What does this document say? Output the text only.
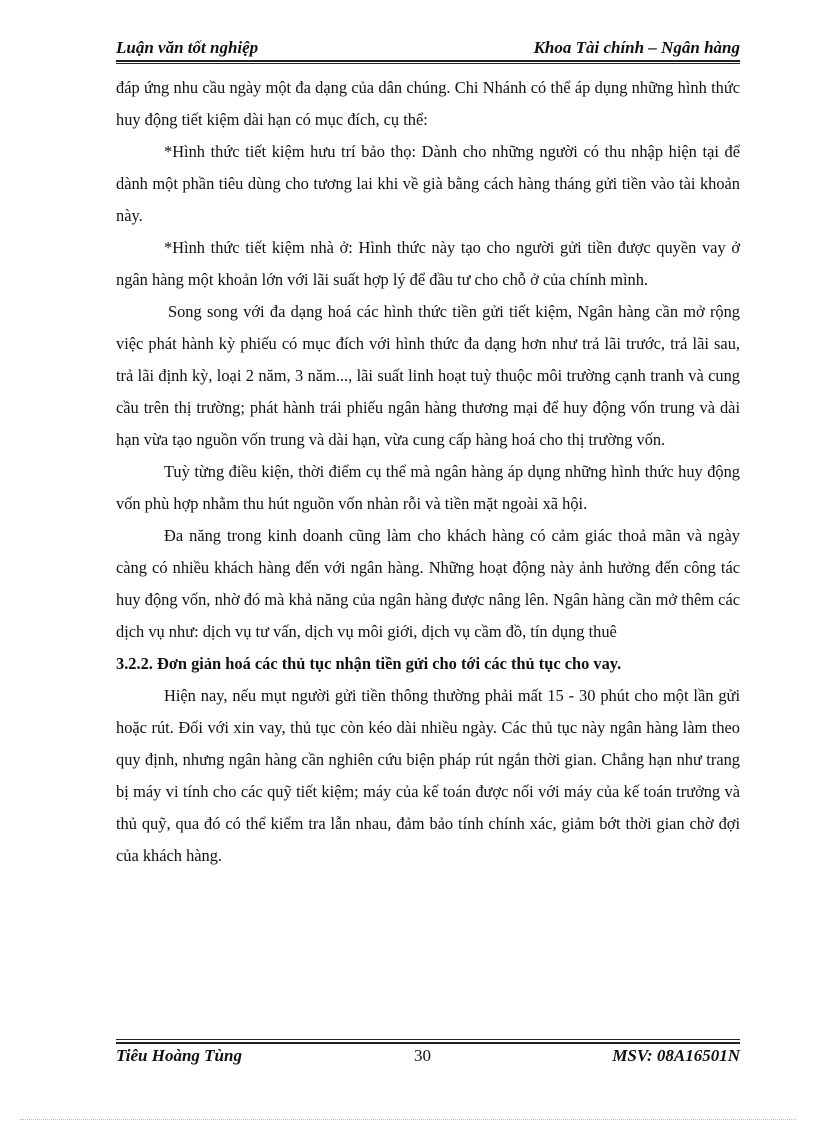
Luận văn tốt nghiệp	Khoa Tài chính – Ngân hàng

đáp ứng nhu cầu ngày một đa dạng của dân chúng. Chi Nhánh có thể áp dụng những hình thức huy động tiết kiệm dài hạn có mục đích, cụ thể:

*Hình thức tiết kiệm hưu trí bảo thọ: Dành cho những người có thu nhập hiện tại để dành một phần tiêu dùng cho tương lai khi về già bằng cách hàng tháng gửi tiền vào tài khoản này.

*Hình thức tiết kiệm nhà ở: Hình thức này tạo cho người gửi tiền được quyền vay ở ngân hàng một khoản lớn với lãi suất hợp lý để đầu tư cho chỗ ở của chính mình.

Song song với đa dạng hoá các hình thức tiền gửi tiết kiệm, Ngân hàng cần mở rộng việc phát hành kỳ phiếu có mục đích với hình thức đa dạng hơn như trả lãi trước, trả lãi sau, trả lãi định kỳ, loại 2 năm, 3 năm..., lãi suất linh hoạt tuỳ thuộc môi trường cạnh tranh và cung cầu trên thị trường; phát hành trái phiếu ngân hàng thương mại để huy động vốn trung và dài hạn vừa tạo nguồn vốn trung và dài hạn, vừa cung cấp hàng hoá cho thị trường vốn.

Tuỳ từng điều kiện, thời điểm cụ thể mà ngân hàng áp dụng những hình thức huy động vốn phù hợp nhằm thu hút nguồn vốn nhàn rỗi và tiền mặt ngoài xã hội.

Đa năng trong kinh doanh cũng làm cho khách hàng có cảm giác thoả mãn và ngày càng có nhiều khách hàng đến với ngân hàng. Những hoạt động này ảnh hưởng đến công tác huy động vốn, nhờ đó mà khả năng của ngân hàng được nâng lên. Ngân hàng cần mở thêm các dịch vụ như: dịch vụ tư vấn, dịch vụ môi giới, dịch vụ cầm đồ, tín dụng thuê

3.2.2. Đơn giản hoá các thủ tục nhận tiền gửi cho tới các thủ tục cho vay.

Hiện nay, nếu mụt người gửi tiền thông thường phải mất 15 - 30 phút cho một lần gửi hoặc rút. Đối với xin vay, thủ tục còn kéo dài nhiều ngày. Các thủ tục này ngân hàng làm theo quy định, nhưng ngân hàng cần nghiên cứu biện pháp rút ngắn thời gian. Chẳng hạn như trang bị máy vi tính cho các quỹ tiết kiệm; máy của kế toán được nối với máy của kế toán trưởng và thủ quỹ, qua đó có thể kiểm tra lẫn nhau, đảm bảo tính chính xác, giảm bớt thời gian chờ đợi của khách hàng.

Tiêu Hoàng Tùng	30	MSV: 08A16501N
